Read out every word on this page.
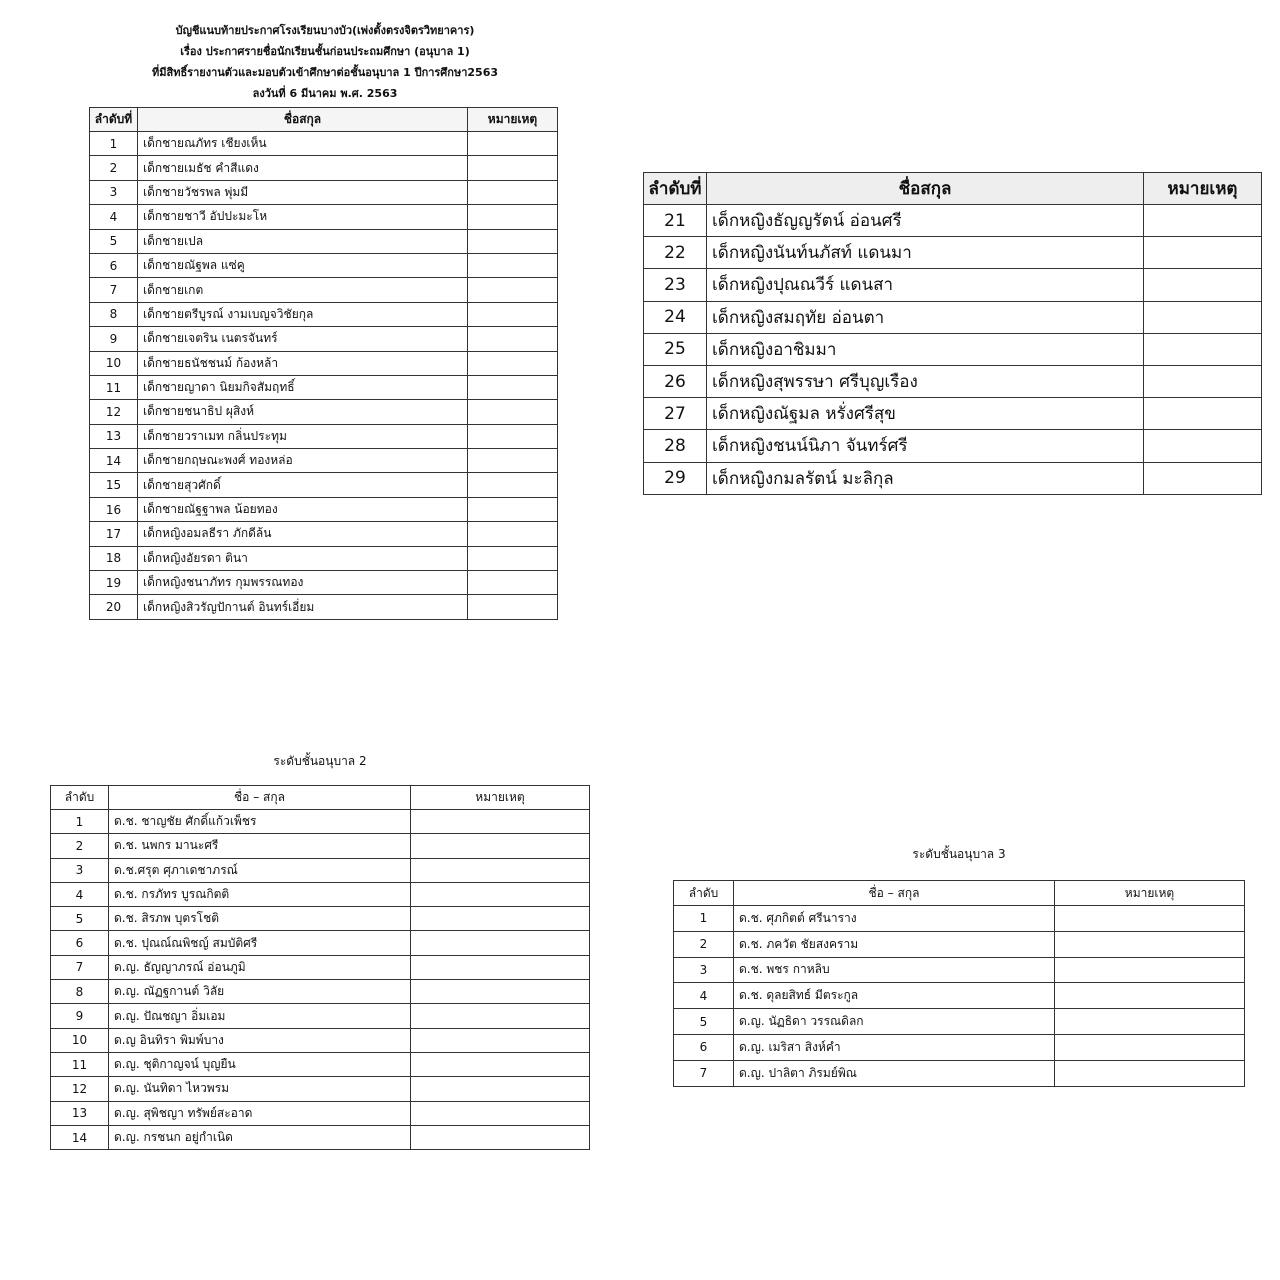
บัญชีแนบท้ายประกาศโรงเรียนบางบัว(เพ่งตั้งตรงจิตรวิทยาคาร)
เรื่อง ประกาศรายชื่อนักเรียนชั้นก่อนประถมศึกษา (อนุบาล 1)
ที่มีสิทธิ์รายงานตัวและมอบตัวเข้าศึกษาต่อชั้นอนุบาล 1 ปีการศึกษา2563
ลงวันที่ 6 มีนาคม พ.ศ. 2563
ลำดับที่	ชื่อสกุล	หมายเหตุ
1	เด็กชายณภัทร เชียงเห็น	
2	เด็กชายเมธัช คำสีแดง	
3	เด็กชายวัชรพล พุ่มมี	
4	เด็กชายชาวี อัปปะมะโห	
5	เด็กชายเปล	
6	เด็กชายณัฐพล แซ่คู	
7	เด็กชายเกต	
8	เด็กชายตรีบูรณ์ งามเบญจวิชัยกุล	
9	เด็กชายเจตริน เนตรจันทร์	
10	เด็กชายธนัชชนม์ ก้องหล้า	
11	เด็กชายญาดา นิยมกิจสัมฤทธิ์	
12	เด็กชายชนาธิป ผุสิงห์	
13	เด็กชายวราเมท กลิ่นประทุม	
14	เด็กชายกฤษณะพงศ์ ทองหล่อ	
15	เด็กชายสุวศักดิ์	
16	เด็กชายณัฐฐาพล น้อยทอง	
17	เด็กหญิงอมลธีรา ภักดีล้น	
18	เด็กหญิงอัยรดา ตินา	
19	เด็กหญิงชนาภัทร กุมพรรณทอง	
20	เด็กหญิงสิวรัญปักานต์ อินทร์เอี่ยม	
ลำดับที่	ชื่อสกุล	หมายเหตุ
21	เด็กหญิงธัญญรัตน์ อ่อนศรี	
22	เด็กหญิงนันท์นภัสท์ แดนมา	
23	เด็กหญิงปุณณวีร์ แดนสา	
24	เด็กหญิงสมฤทัย อ่อนตา	
25	เด็กหญิงอาชิมมา	
26	เด็กหญิงสุพรรษา ศรีบุญเรือง	
27	เด็กหญิงณัฐมล หรั่งศรีสุข	
28	เด็กหญิงชนน์นิภา จันทร์ศรี	
29	เด็กหญิงกมลรัตน์ มะลิกุล	
ระดับชั้นอนุบาล 2
ลำดับ	ชื่อ – สกุล	หมายเหตุ
1	ด.ช. ชาญชัย ศักดิ์แก้วเพ็ชร	
2	ด.ช. นพกร มานะศรี	
3	ด.ช.ศรุต ศุภาเดชาภรณ์	
4	ด.ช. กรภัทร บูรณกิตติ	
5	ด.ช. สิรภพ บุตรโชติ	
6	ด.ช. ปุณณ์ณพิชญ์ สมบัติศรี	
7	ด.ญ. ธัญญาภรณ์ อ่อนภูมิ	
8	ด.ญ. ณัฏฐกานต์ วิลัย	
9	ด.ญ. ปัณชญา อิ่มเอม	
10	ด.ญ อินทิรา พิมพ์บาง	
11	ด.ญ. ชุติกาญจน์ บุญยืน	
12	ด.ญ. นันทิดา ไหวพรม	
13	ด.ญ. สุพิชญา ทรัพย์สะอาด	
14	ด.ญ. กรชนก อยู่กำเนิด	
ระดับชั้นอนุบาล 3
ลำดับ	ชื่อ – สกุล	หมายเหตุ
1	ด.ช. ศุภกิตต์ ศรีนาราง	
2	ด.ช. ภควัต ชัยสงคราม	
3	ด.ช. พชร กาหลิบ	
4	ด.ช. ดุลยสิทธ์ มีตระกูล	
5	ด.ญ. นัฏธิดา วรรณดิลก	
6	ด.ญ. เมริสา สิงห์คำ	
7	ด.ญ. ปาลิตา ภิรมย์พิณ	
